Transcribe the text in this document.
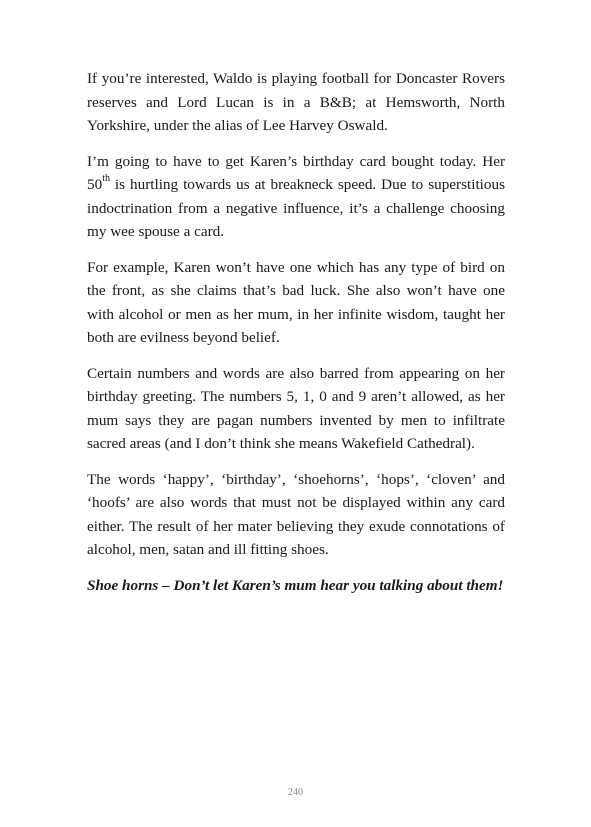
If you’re interested, Waldo is playing football for Doncaster Rovers reserves and Lord Lucan is in a B&B; at Hemsworth, North Yorkshire, under the alias of Lee Harvey Oswald.

I’m going to have to get Karen’s birthday card bought today. Her 50th is hurtling towards us at breakneck speed. Due to superstitious indoctrination from a negative influence, it’s a challenge choosing my wee spouse a card.

For example, Karen won’t have one which has any type of bird on the front, as she claims that’s bad luck. She also won’t have one with alcohol or men as her mum, in her infinite wisdom, taught her both are evilness beyond belief.

Certain numbers and words are also barred from appearing on her birthday greeting. The numbers 5, 1, 0 and 9 aren’t allowed, as her mum says they are pagan numbers invented by men to infiltrate sacred areas (and I don’t think she means Wakefield Cathedral).

The words ‘happy’, ‘birthday’, ‘shoehorns’, ‘hops’, ‘cloven’ and ‘hoofs’ are also words that must not be displayed within any card either. The result of her mater believing they exude connotations of alcohol, men, satan and ill fitting shoes.

Shoe horns – Don’t let Karen’s mum hear you talking about them!

240
